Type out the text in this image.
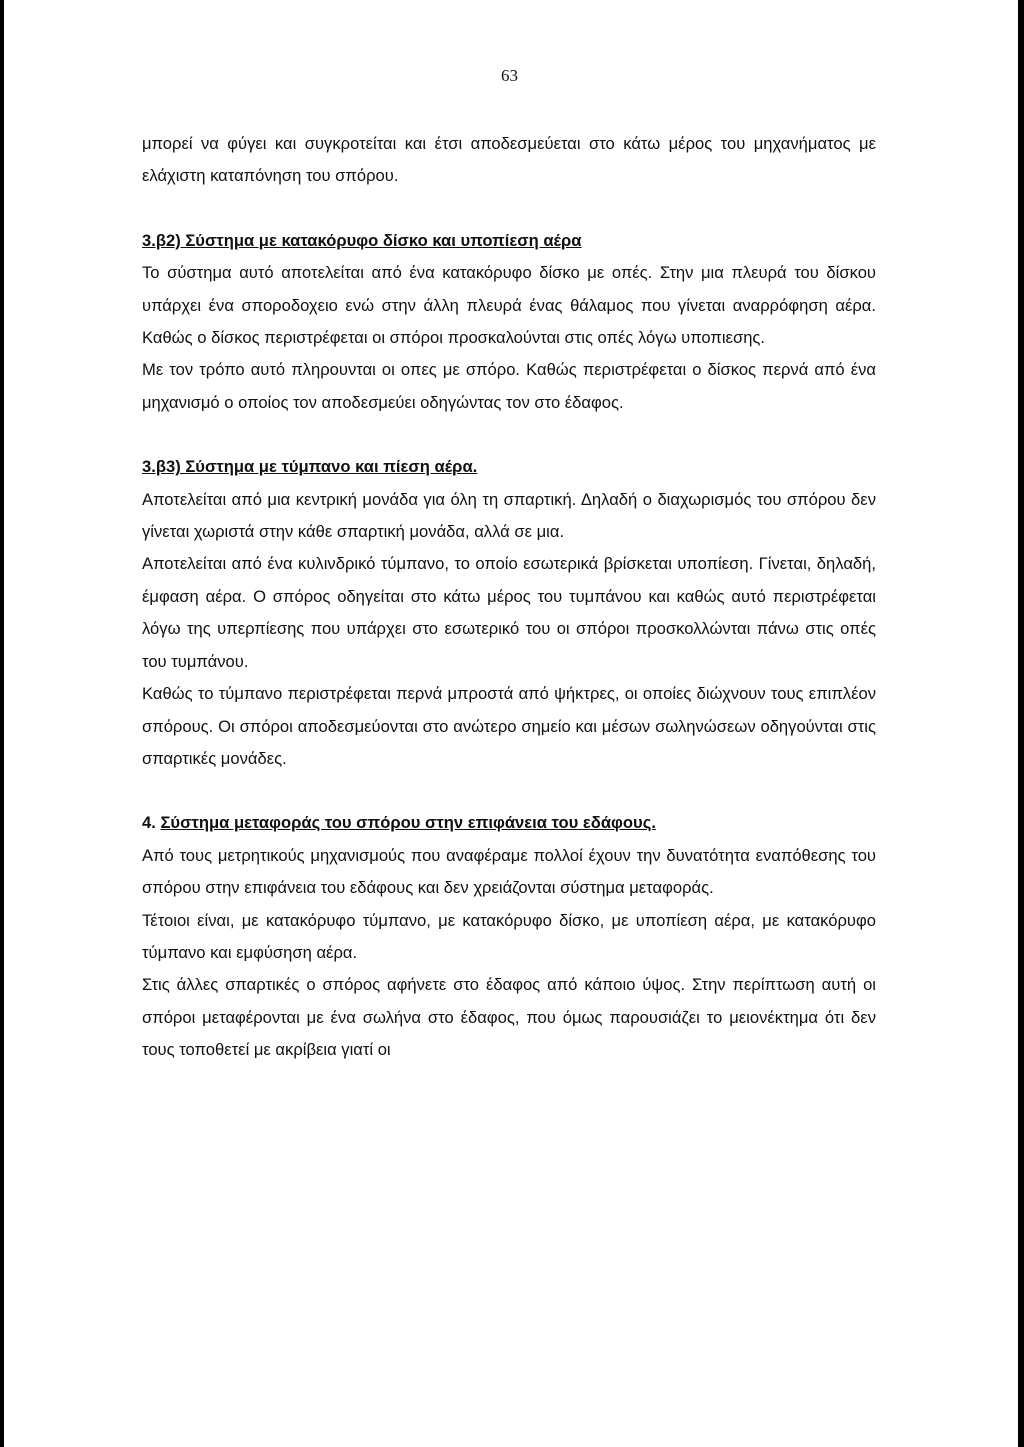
63

μπορεί να φύγει και συγκροτείται και έτσι αποδεσμεύεται στο κάτω μέρος του μηχανήματος με ελάχιστη καταπόνηση του σπόρου.

3.β2) Σύστημα με κατακόρυφο δίσκο και υποπίεση αέρα

Το σύστημα αυτό αποτελείται από ένα κατακόρυφο δίσκο με οπές. Στην μια πλευρά του δίσκου υπάρχει ένα σποροδοχειο ενώ στην άλλη πλευρά ένας θάλαμος που γίνεται αναρρόφηση αέρα. Καθώς ο δίσκος περιστρέφεται οι σπόροι προσκαλούνται στις οπές λόγω υποπιεσης.

Με τον τρόπο αυτό πληρουνται οι οπες με σπόρο. Καθώς περιστρέφεται ο δίσκος περνά από ένα μηχανισμό ο οποίος τον αποδεσμεύει οδηγώντας τον στο έδαφος.

3.β3) Σύστημα με τύμπανο και πίεση αέρα.

Αποτελείται από μια κεντρική μονάδα για όλη τη σπαρτική. Δηλαδή ο διαχωρισμός του σπόρου δεν γίνεται χωριστά στην κάθε σπαρτική μονάδα, αλλά σε μια.

Αποτελείται από ένα κυλινδρικό τύμπανο, το οποίο εσωτερικά βρίσκεται υποπίεση. Γίνεται, δηλαδή, έμφαση αέρα. Ο σπόρος οδηγείται στο κάτω μέρος του τυμπάνου και καθώς αυτό περιστρέφεται λόγω της υπερπίεσης που υπάρχει στο εσωτερικό του οι σπόροι προσκολλώνται πάνω στις οπές του τυμπάνου.

Καθώς το τύμπανο περιστρέφεται περνά μπροστά από ψήκτρες, οι οποίες διώχνουν τους επιπλέον σπόρους. Οι σπόροι αποδεσμεύονται στο ανώτερο σημείο και μέσων σωληνώσεων οδηγούνται στις σπαρτικές μονάδες.

4. Σύστημα μεταφοράς του σπόρου στην επιφάνεια του εδάφους.

Από τους μετρητικούς μηχανισμούς που αναφέραμε πολλοί έχουν την δυνατότητα εναπόθεσης του σπόρου στην επιφάνεια του εδάφους και δεν χρειάζονται σύστημα μεταφοράς.

Τέτοιοι είναι, με κατακόρυφο τύμπανο, με κατακόρυφο δίσκο, με υποπίεση αέρα, με κατακόρυφο τύμπανο και εμφύσηση αέρα.

Στις άλλες σπαρτικές ο σπόρος αφήνετε στο έδαφος από κάποιο ύψος. Στην περίπτωση αυτή οι σπόροι μεταφέρονται με ένα σωλήνα στο έδαφος, που όμως παρουσιάζει το μειονέκτημα ότι δεν τους τοποθετεί με ακρίβεια γιατί οι
